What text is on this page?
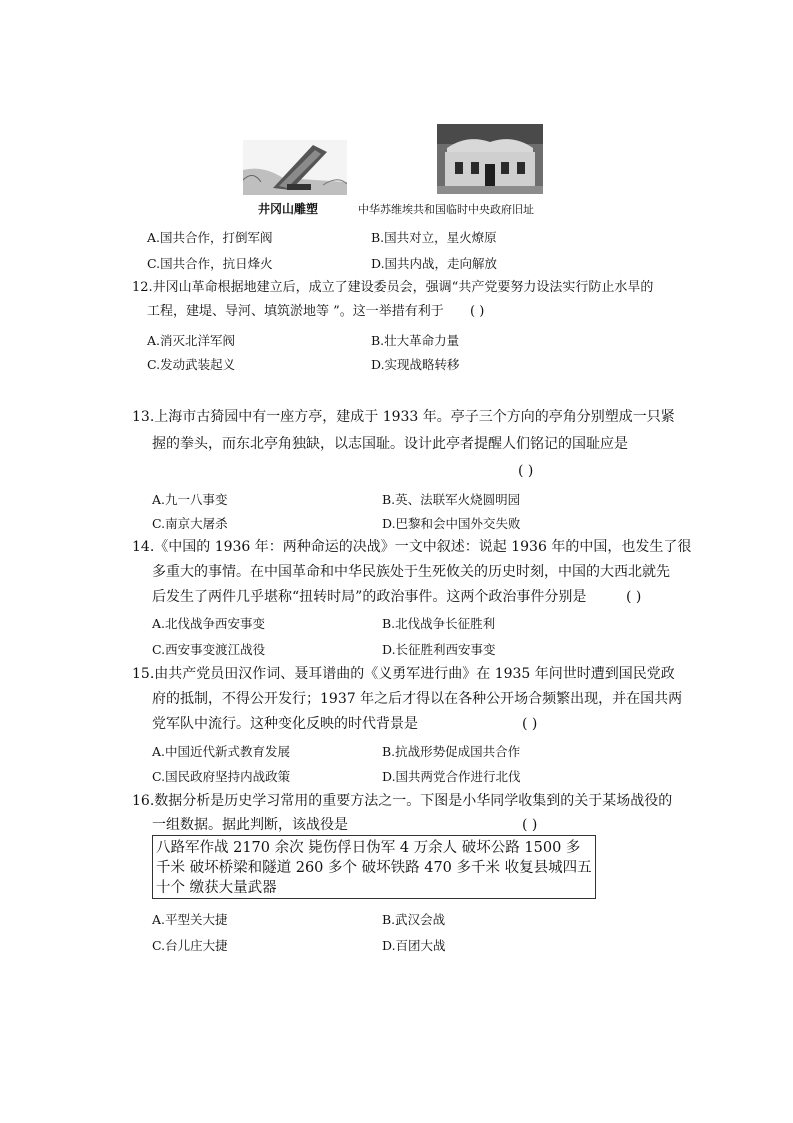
井冈山雕塑	中华苏维埃共和国临时中央政府旧址
A.国共合作，打倒军阀	B.国共对立，星火燎原
C.国共合作，抗日烽火	D.国共内战，走向解放
12.井冈山革命根据地建立后，成立了建设委员会，强调“共产党要努力设法实行防止水旱的
工程，建堤、导河、填筑淤地等 ”。这一举措有利于 ( )
A.消灭北洋军阀	B.壮大革命力量
C.发动武装起义	D.实现战略转移
13.上海市古猗园中有一座方亭，建成于 1933 年。亭子三个方向的亭角分别塑成一只紧
握的拳头，而东北亭角独缺，以志国耻。设计此亭者提醒人们铭记的国耻应是
( )
A.九一八事变	B.英、法联军火烧圆明园
C.南京大屠杀	D.巴黎和会中国外交失败
14.《中国的 1936 年：两种命运的决战》一文中叙述：说起 1936 年的中国，也发生了很
多重大的事情。在中国革命和中华民族处于生死攸关的历史时刻，中国的大西北就先
后发生了两件几乎堪称“扭转时局”的政治事件。这两个政治事件分别是	( )
A.北伐战争西安事变	B.北伐战争长征胜利
C.西安事变渡江战役	D.长征胜利西安事变
15.由共产党员田汉作词、聂耳谱曲的《义勇军进行曲》在 1935 年问世时遭到国民党政
府的抵制，不得公开发行；1937 年之后才得以在各种公开场合频繁出现，并在国共两
党军队中流行。这种变化反映的时代背景是	( )
A.中国近代新式教育发展	B.抗战形势促成国共合作
C.国民政府坚持内战政策	D.国共两党合作进行北伐
16.数据分析是历史学习常用的重要方法之一。下图是小华同学收集到的关于某场战役的
一组数据。据此判断，该战役是	( )
八路军作战 2170 余次 毙伤俘日伪军 4 万余人 破坏公路 1500 多千米 破坏桥梁和隧道 260 多个 破坏铁路 470 多千米 收复县城四五十个 缴获大量武器
A.平型关大捷	B.武汉会战
C.台儿庄大捷	D.百团大战
